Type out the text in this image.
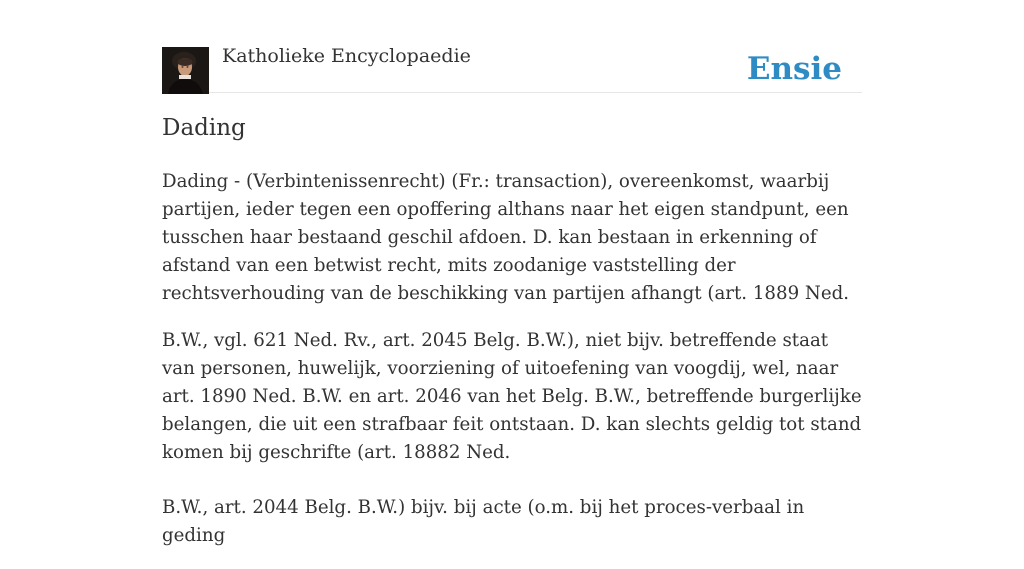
Katholieke Encyclopaedie	Ensie
Dading

Dading - (Verbintenissenrecht) (Fr.: transaction), overeenkomst, waarbij partijen, ieder tegen een opoffering althans naar het eigen standpunt, een tusschen haar bestaand geschil afdoen. D. kan bestaan in erkenning of afstand van een betwist recht, mits zoodanige vaststelling der rechtsverhouding van de beschikking van partijen afhangt (art. 1889 Ned.

B.W., vgl. 621 Ned. Rv., art. 2045 Belg. B.W.), niet bijv. betreffende staat van personen, huwelijk, voorziening of uitoefening van voogdij, wel, naar art. 1890 Ned. B.W. en art. 2046 van het Belg. B.W., betreffende burgerlijke belangen, die uit een strafbaar feit ontstaan. D. kan slechts geldig tot stand komen bij geschrifte (art. 18882 Ned.

B.W., art. 2044 Belg. B.W.) bijv. bij acte (o.m. bij het proces-verbaal in geding
